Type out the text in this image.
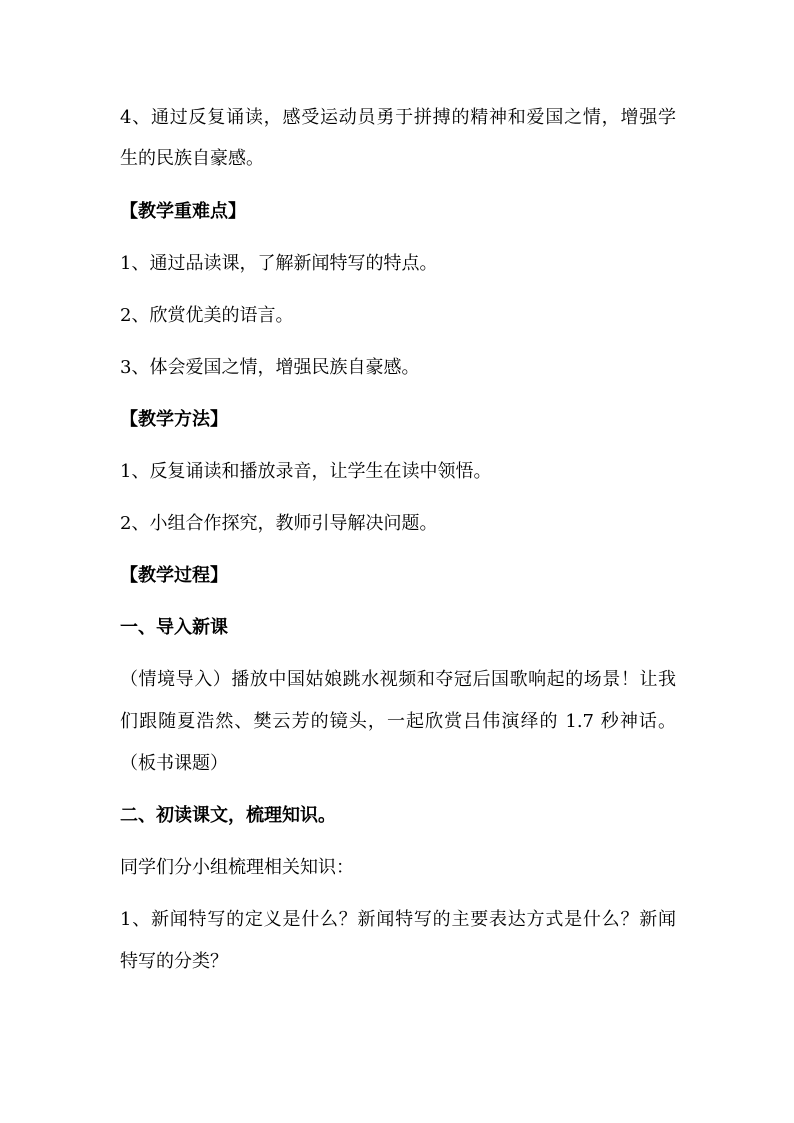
4、通过反复诵读，感受运动员勇于拼搏的精神和爱国之情，增强学
生的民族自豪感。
【教学重难点】
1、通过品读课，了解新闻特写的特点。
2、欣赏优美的语言。
3、体会爱国之情，增强民族自豪感。
【教学方法】
1、反复诵读和播放录音，让学生在读中领悟。
2、小组合作探究，教师引导解决问题。
【教学过程】
一、导入新课
（情境导入）播放中国姑娘跳水视频和夺冠后国歌响起的场景！让我
们跟随夏浩然、樊云芳的镜头，一起欣赏吕伟演绎的 1.7 秒神话。
（板书课题）
二、初读课文，梳理知识。
同学们分小组梳理相关知识：
1、新闻特写的定义是什么？新闻特写的主要表达方式是什么？新闻
特写的分类？
